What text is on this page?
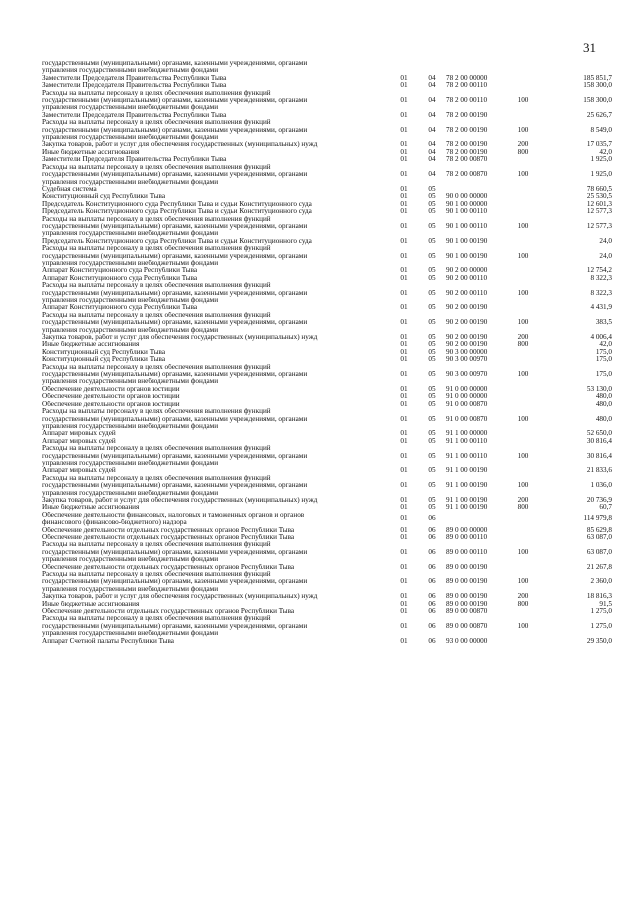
31
государственными (муниципальными) органами, казенными учреждениями, органами
управления государственными внебюджетными фондами
Заместители Председателя Правительства Республики Тыва	01	04	78 2 00 00000	185 851,7
Заместители Председателя Правительства Республики Тыва	01	04	78 2 00 00110	158 300,0
Расходы на выплаты персоналу в целях обеспечения выполнения функций
государственными (муниципальными) органами, казенными учреждениями, органами
управления государственными внебюджетными фондами
01	04	78 2 00 00110	100	158 300,0
Заместители Председателя Правительства Республики Тыва	01	04	78 2 00 00190	25 626,7
Расходы на выплаты персоналу в целях обеспечения выполнения функций
государственными (муниципальными) органами, казенными учреждениями, органами
управления государственными внебюджетными фондами
01	04	78 2 00 00190	100	8 549,0
Закупка товаров, работ и услуг для обеспечения государственных (муниципальных) нужд	01	04	78 2 00 00190	200	17 035,7
Иные бюджетные ассигнования	01	04	78 2 00 00190	800	42,0
Заместители Председателя Правительства Республики Тыва	01	04	78 2 00 00870	1 925,0
Расходы на выплаты персоналу в целях обеспечения выполнения функций
государственными (муниципальными) органами, казенными учреждениями, органами
управления государственными внебюджетными фондами
01	04	78 2 00 00870	100	1 925,0
Судебная система	01	05	78 660,5
Конституционный суд Республики Тыва	01	05	90 0 00 00000	25 530,5
Председатель Конституционного суда Республики Тыва и судьи Конституционного суда	01	05	90 1 00 00000	12 601,3
Председатель Конституционного суда Республики Тыва и судьи Конституционного суда	01	05	90 1 00 00110	12 577,3
Расходы на выплаты персоналу в целях обеспечения выполнения функций
государственными (муниципальными) органами, казенными учреждениями, органами
управления государственными внебюджетными фондами
01	05	90 1 00 00110	100	12 577,3
Председатель Конституционного суда Республики Тыва и судьи Конституционного суда	01	05	90 1 00 00190	24,0
Расходы на выплаты персоналу в целях обеспечения выполнения функций
государственными (муниципальными) органами, казенными учреждениями, органами
управления государственными внебюджетными фондами
01	05	90 1 00 00190	100	24,0
Аппарат Конституционного суда Республики Тыва	01	05	90 2 00 00000	12 754,2
Аппарат Конституционного суда Республики Тыва	01	05	90 2 00 00110	8 322,3
Расходы на выплаты персоналу в целях обеспечения выполнения функций
государственными (муниципальными) органами, казенными учреждениями, органами
управления государственными внебюджетными фондами
01	05	90 2 00 00110	100	8 322,3
Аппарат Конституционного суда Республики Тыва	01	05	90 2 00 00190	4 431,9
Расходы на выплаты персоналу в целях обеспечения выполнения функций
государственными (муниципальными) органами, казенными учреждениями, органами
управления государственными внебюджетными фондами
01	05	90 2 00 00190	100	383,5
Закупка товаров, работ и услуг для обеспечения государственных (муниципальных) нужд	01	05	90 2 00 00190	200	4 006,4
Иные бюджетные ассигнования	01	05	90 2 00 00190	800	42,0
Конституционный суд Республики Тыва	01	05	90 3 00 00000	175,0
Конституционный суд Республики Тыва	01	05	90 3 00 00970	175,0
Расходы на выплаты персоналу в целях обеспечения выполнения функций
государственными (муниципальными) органами, казенными учреждениями, органами
управления государственными внебюджетными фондами
01	05	90 3 00 00970	100	175,0
Обеспечение деятельности органов юстиции	01	05	91 0 00 00000	53 130,0
Обеспечение деятельности органов юстиции	01	05	91 0 00 00000	480,0
Обеспечение деятельности органов юстиции	01	05	91 0 00 00870	480,0
Расходы на выплаты персоналу в целях обеспечения выполнения функций
государственными (муниципальными) органами, казенными учреждениями, органами
управления государственными внебюджетными фондами
01	05	91 0 00 00870	100	480,0
Аппарат мировых судей	01	05	91 1 00 00000	52 650,0
Аппарат мировых судей	01	05	91 1 00 00110	30 816,4
Расходы на выплаты персоналу в целях обеспечения выполнения функций
государственными (муниципальными) органами, казенными учреждениями, органами
управления государственными внебюджетными фондами
01	05	91 1 00 00110	100	30 816,4
Аппарат мировых судей	01	05	91 1 00 00190	21 833,6
Расходы на выплаты персоналу в целях обеспечения выполнения функций
государственными (муниципальными) органами, казенными учреждениями, органами
управления государственными внебюджетными фондами
01	05	91 1 00 00190	100	1 036,0
Закупка товаров, работ и услуг для обеспечения государственных (муниципальных) нужд	01	05	91 1 00 00190	200	20 736,9
Иные бюджетные ассигнования	01	05	91 1 00 00190	800	60,7
Обеспечение деятельности финансовых, налоговых и таможенных органов и органов
финансового (финансово-бюджетного) надзора	01	06	114 979,8
Обеспечение деятельности отдельных государственных органов Республики Тыва	01	06	89 0 00 00000	85 629,8
Обеспечение деятельности отдельных государственных органов Республики Тыва	01	06	89 0 00 00110	63 087,0
Расходы на выплаты персоналу в целях обеспечения выполнения функций
государственными (муниципальными) органами, казенными учреждениями, органами
управления государственными внебюджетными фондами
01	06	89 0 00 00110	100	63 087,0
Обеспечение деятельности отдельных государственных органов Республики Тыва	01	06	89 0 00 00190	21 267,8
Расходы на выплаты персоналу в целях обеспечения выполнения функций
государственными (муниципальными) органами, казенными учреждениями, органами
управления государственными внебюджетными фондами
01	06	89 0 00 00190	100	2 360,0
Закупка товаров, работ и услуг для обеспечения государственных (муниципальных) нужд	01	06	89 0 00 00190	200	18 816,3
Иные бюджетные ассигнования	01	06	89 0 00 00190	800	91,5
Обеспечение деятельности отдельных государственных органов Республики Тыва	01	06	89 0 00 00870	1 275,0
Расходы на выплаты персоналу в целях обеспечения выполнения функций
государственными (муниципальными) органами, казенными учреждениями, органами
управления государственными внебюджетными фондами
01	06	89 0 00 00870	100	1 275,0
Аппарат Счетной палаты Республики Тыва	01	06	93 0 00 00000	29 350,0
